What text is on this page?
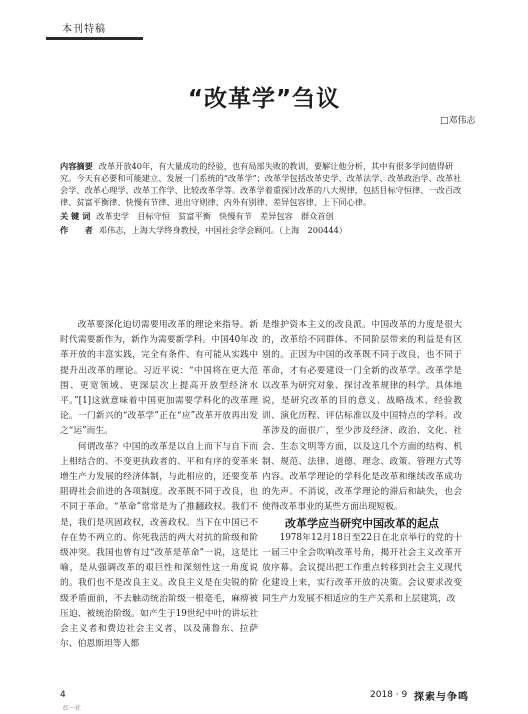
本刊特稿
“改革学”刍议
□邓伟志

内容摘要 改革开放40年，有大量成功的经验，也有局部失败的教训，要解让他分析，其中有很多学问值得研究。今天有必要和可能建立、发展一门系统的“改革学”；改革学包括改革史学、改革法学、改革政治学、改革社会学、改革心理学、改革工作学、比较改革学等。改革学着重探讨改革的八大规律，包括目标守恒律、一改百改律、贫富平衡律、快慢有节律、进出守则律、内外有别律、差异包容律、上下同心律。

关 键 词 改革史学　目标守恒　贫富平衡　快慢有节　差异包容　群众首创

作　　者 邓伟志，上海大学终身教授，中国社会学会顾问。（上海　200444）

改革要深化迫切需要用改革的理论来指导。新时代需要新作为，新作为需要新学科。中国40年改革开放的丰富实践，完全有条件、有可能从实践中提升出改革的理论。习近平说：“中国将在更大范围、更宽领域、更深层次上提高开放型经济水平。”[1]这就意味着中国更加需要学科化的改革理论。一门新兴的“改革学”正在“应”改革开放再出发之“运”而生。

何谓改革？中国的改革是以自上而下与自下而上相结合的、不变更执政者的、平和有序的变革来增生产力发展的经济体制，与此相应的，还要变革阻碍社会前进的各项制度。改革既不同于改良，也不同于革命。“革命”常常是为了推翻政权。我们不是，我们是巩固政权，改善政权。当下在中国已不存在势不两立的、你死我活的两大对抗的阶级和阶级冲突。我国也曾有过“改革是革命”一说，这是比喻，是从强调改革的艰巨性和深刻性这一角度说的。我们也不是改良主义。改良主义是在尖锐的阶级矛盾面前，不去触动统治阶级一根毫毛，麻痹被压迫、被统治阶级。如产生于19世纪中叶的讲坛社会主义者和费边社会主义者，以及蒲鲁东、拉萨尔、伯恩斯坦等人都

是维护资本主义的改良派。中国改革的力度是很大的，改革给不同群体、不同阶层带来的利益是有区别的。正因为中国的改革既不同于改良，也不同于革命，才有必要建设一门全新的改革学。改革学是以改革为研究对象、探讨改革规律的科学。具体地说，是研究改革的目的意义、战略战术、经验教训、演化历程、评估标准以及中国特点的学科。改革涉及的面很广，至少涉及经济、政治、文化、社会、生态文明等方面，以及这几个方面的结构、机制、规范、法律、道德、理念、政策、管理方式等内容。改革学理论的学科化是改革和继续改革成功的先声。不消说，改革学理论的滞后和缺失，也会使得改革事业的某些方面出现短板。

改革学应当研究中国改革的起点

1978年12月18日至22日在北京举行的党的十一届三中全会吹响改革号角，揭开社会主义改革开放序幕。会议提出把工作重点转移到社会主义现代化建设上来，实行改革开放的决策。会议要求改变同生产力发展不相适应的生产关系和上层建筑，改

4
红一社
2018 · 9 探索与争鸣
